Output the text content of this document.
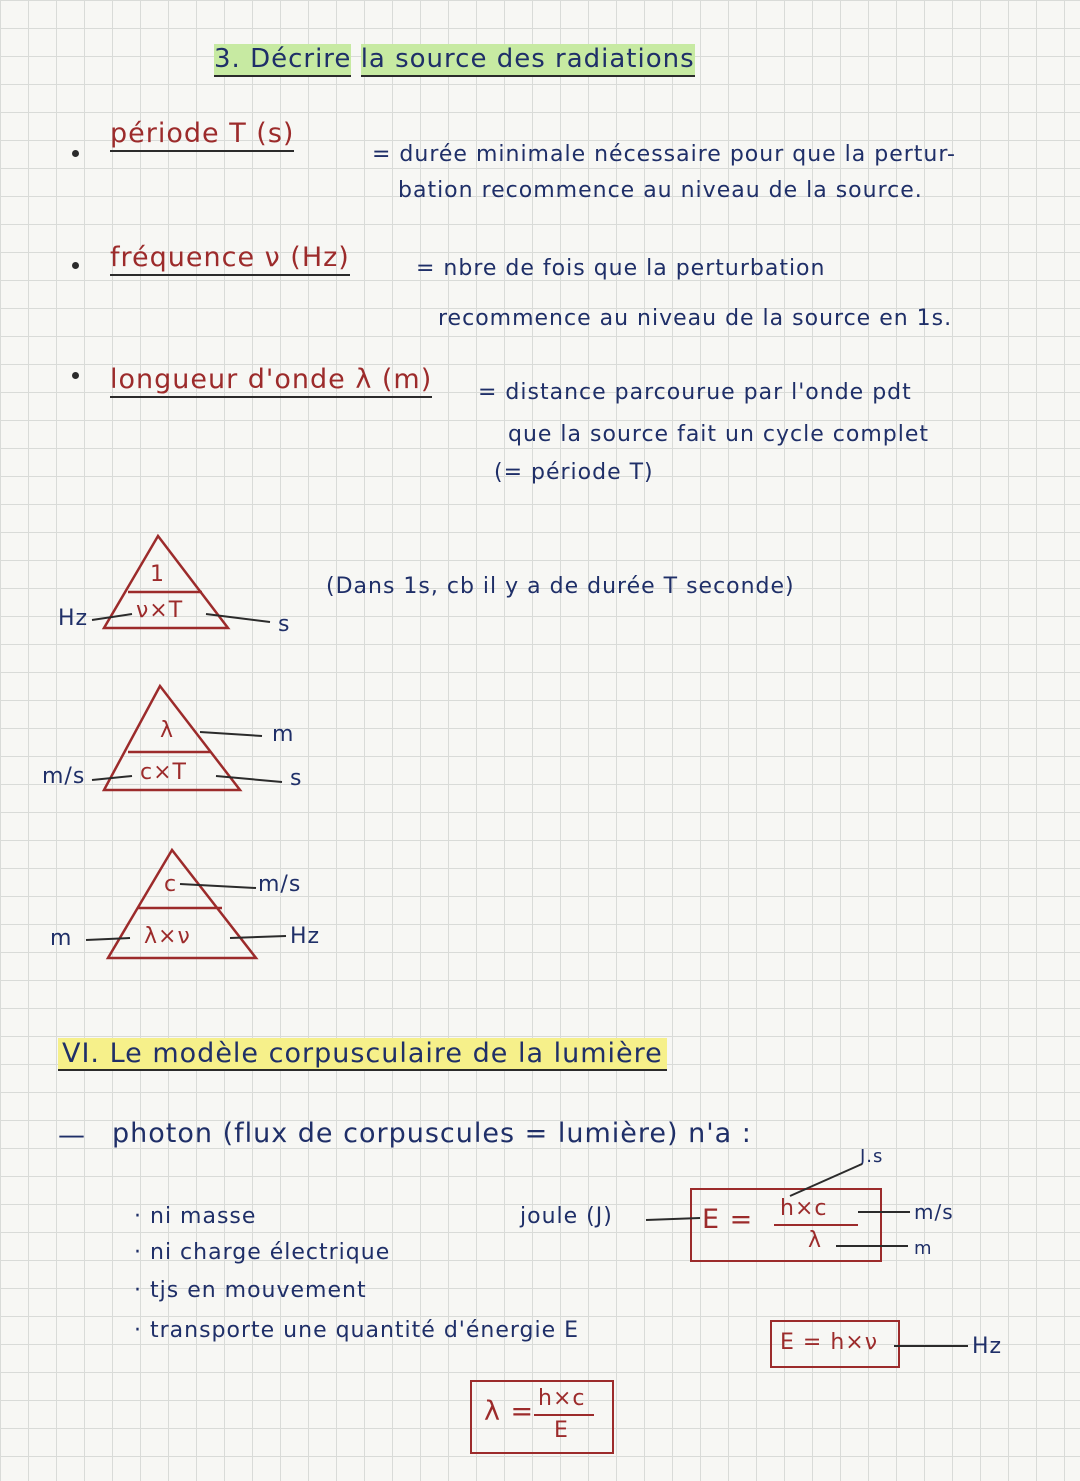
3. Décrire la source des radiations
période T (s)
= durée minimale nécessaire pour que la pertur-
bation recommence au niveau de la source.
fréquence ν (Hz)	= nbre de fois que la perturbation
recommence au niveau de la source en 1s.
longueur d'onde λ (m) = distance parcourue par l'onde pdt
que la source fait un cycle complet
(= période T)
(Dans 1s, cb il y a de durée T seconde)
1
ν×T
Hz	s
λ
c×T
m/s
m
s
c
λ×ν
m
m/s
Hz
VI. Le modèle corpusculaire de la lumière
— photon (flux de corpuscules = lumière) n'a :
· ni masse
· ni charge électrique
· tjs en mouvement
· transporte une quantité d'énergie E
joule (J)	E = h×c
λ
J.s
m/s
m
E = h×ν	Hz
λ = h×c
E
